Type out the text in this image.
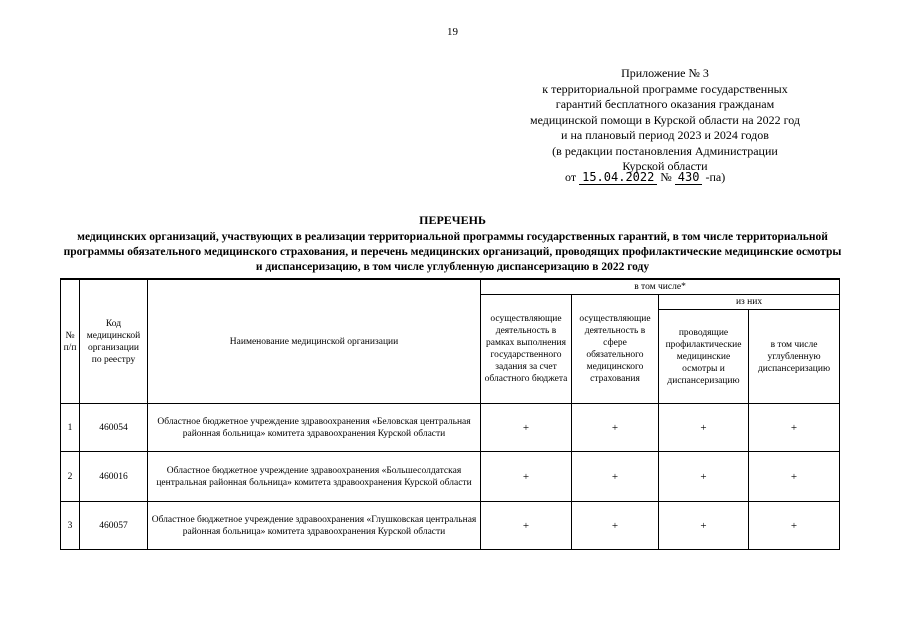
19
Приложение № 3
к территориальной программе государственных
гарантий бесплатного оказания гражданам
медицинской помощи в Курской области на 2022 год
и на плановый период 2023 и 2024 годов
(в редакции постановления Администрации
Курской области
от 15.04.2022 № 430 -па)
ПЕРЕЧЕНЬ
медицинских организаций, участвующих в реализации территориальной программы государственных гарантий, в том числе территориальной программы обязательного медицинского страхования, и перечень медицинских организаций, проводящих профилактические медицинские осмотры и диспансеризацию, в том числе углубленную диспансеризацию в 2022 году
№ п/п	Код медицинской организации по реестру	Наименование медицинской организации	в том числе*			
			осуществляющие деятельность в рамках выполнения государственного задания за счет областного бюджета	осуществляющие деятельность в сфере обязательного медицинского страхования	из них	
					проводящие профилактические медицинские осмотры и диспансеризацию	в том числе углубленную диспансеризацию
1	460054	Областное бюджетное учреждение здравоохранения «Беловская центральная районная больница» комитета здравоохранения Курской области	+	+	+	+
2	460016	Областное бюджетное учреждение здравоохранения «Большесолдатская центральная районная больница» комитета здравоохранения Курской области	+	+	+	+
3	460057	Областное бюджетное учреждение здравоохранения «Глушковская центральная районная больница» комитета здравоохранения Курской области	+	+	+	+
